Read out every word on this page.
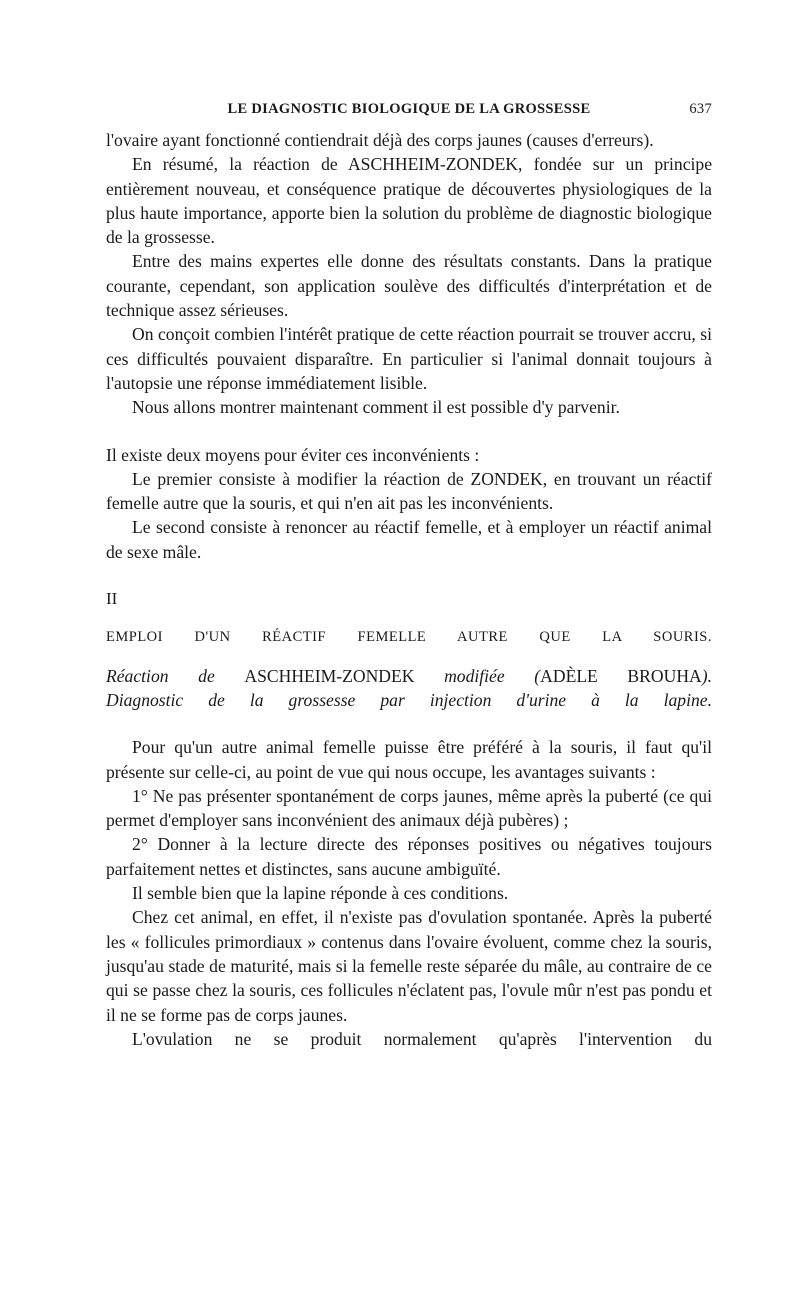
LE DIAGNOSTIC BIOLOGIQUE DE LA GROSSESSE	637

l'ovaire ayant fonctionné contiendrait déjà des corps jaunes (causes d'erreurs).

En résumé, la réaction de ASCHHEIM-ZONDEK, fondée sur un principe entièrement nouveau, et conséquence pratique de découvertes physiologiques de la plus haute importance, apporte bien la solution du problème de diagnostic biologique de la grossesse.

Entre des mains expertes elle donne des résultats constants. Dans la pratique courante, cependant, son application soulève des difficultés d'interprétation et de technique assez sérieuses.

On conçoit combien l'intérêt pratique de cette réaction pourrait se trouver accru, si ces difficultés pouvaient disparaître. En particulier si l'animal donnait toujours à l'autopsie une réponse immédiatement lisible.

Nous allons montrer maintenant comment il est possible d'y parvenir.

Il existe deux moyens pour éviter ces inconvénients :

Le premier consiste à modifier la réaction de ZONDEK, en trouvant un réactif femelle autre que la souris, et qui n'en ait pas les inconvénients.

Le second consiste à renoncer au réactif femelle, et à employer un réactif animal de sexe mâle.

II

EMPLOI D'UN RÉACTIF FEMELLE AUTRE QUE LA SOURIS.

Réaction de ASCHHEIM-ZONDEK modifiée (ADÈLE BROUHA).

Diagnostic de la grossesse par injection d'urine à la lapine.

Pour qu'un autre animal femelle puisse être préféré à la souris, il faut qu'il présente sur celle-ci, au point de vue qui nous occupe, les avantages suivants :

1° Ne pas présenter spontanément de corps jaunes, même après la puberté (ce qui permet d'employer sans inconvénient des animaux déjà pubères) ;

2° Donner à la lecture directe des réponses positives ou négatives toujours parfaitement nettes et distinctes, sans aucune ambiguïté.

Il semble bien que la lapine réponde à ces conditions.

Chez cet animal, en effet, il n'existe pas d'ovulation spontanée. Après la puberté les « follicules primordiaux » contenus dans l'ovaire évoluent, comme chez la souris, jusqu'au stade de maturité, mais si la femelle reste séparée du mâle, au contraire de ce qui se passe chez la souris, ces follicules n'éclatent pas, l'ovule mûr n'est pas pondu et il ne se forme pas de corps jaunes.

L'ovulation ne se produit normalement qu'après l'intervention du
